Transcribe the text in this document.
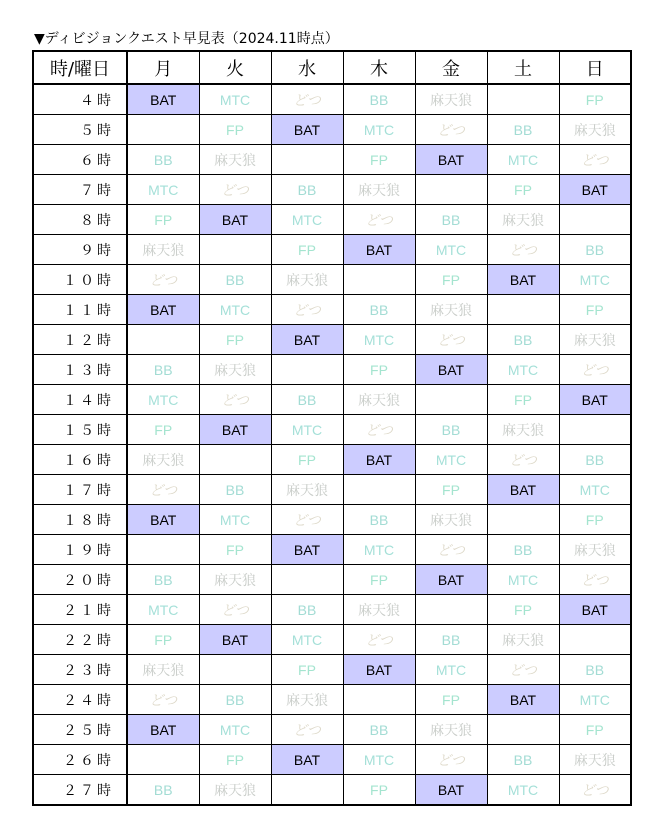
▼ディビジョンクエスト早見表（2024.11時点）
時/曜日	月	火	水	木	金	土	日
４時	BAT	MTC	どつ	BB	麻天狼		FP
５時		FP	BAT	MTC	どつ	BB	麻天狼
６時	BB	麻天狼		FP	BAT	MTC	どつ
７時	MTC	どつ	BB	麻天狼		FP	BAT
８時	FP	BAT	MTC	どつ	BB	麻天狼	
９時	麻天狼		FP	BAT	MTC	どつ	BB
１０時	どつ	BB	麻天狼		FP	BAT	MTC
１１時	BAT	MTC	どつ	BB	麻天狼		FP
１２時		FP	BAT	MTC	どつ	BB	麻天狼
１３時	BB	麻天狼		FP	BAT	MTC	どつ
１４時	MTC	どつ	BB	麻天狼		FP	BAT
１５時	FP	BAT	MTC	どつ	BB	麻天狼	
１６時	麻天狼		FP	BAT	MTC	どつ	BB
１７時	どつ	BB	麻天狼		FP	BAT	MTC
１８時	BAT	MTC	どつ	BB	麻天狼		FP
１９時		FP	BAT	MTC	どつ	BB	麻天狼
２０時	BB	麻天狼		FP	BAT	MTC	どつ
２１時	MTC	どつ	BB	麻天狼		FP	BAT
２２時	FP	BAT	MTC	どつ	BB	麻天狼	
２３時	麻天狼		FP	BAT	MTC	どつ	BB
２４時	どつ	BB	麻天狼		FP	BAT	MTC
２５時	BAT	MTC	どつ	BB	麻天狼		FP
２６時		FP	BAT	MTC	どつ	BB	麻天狼
２７時	BB	麻天狼		FP	BAT	MTC	どつ
